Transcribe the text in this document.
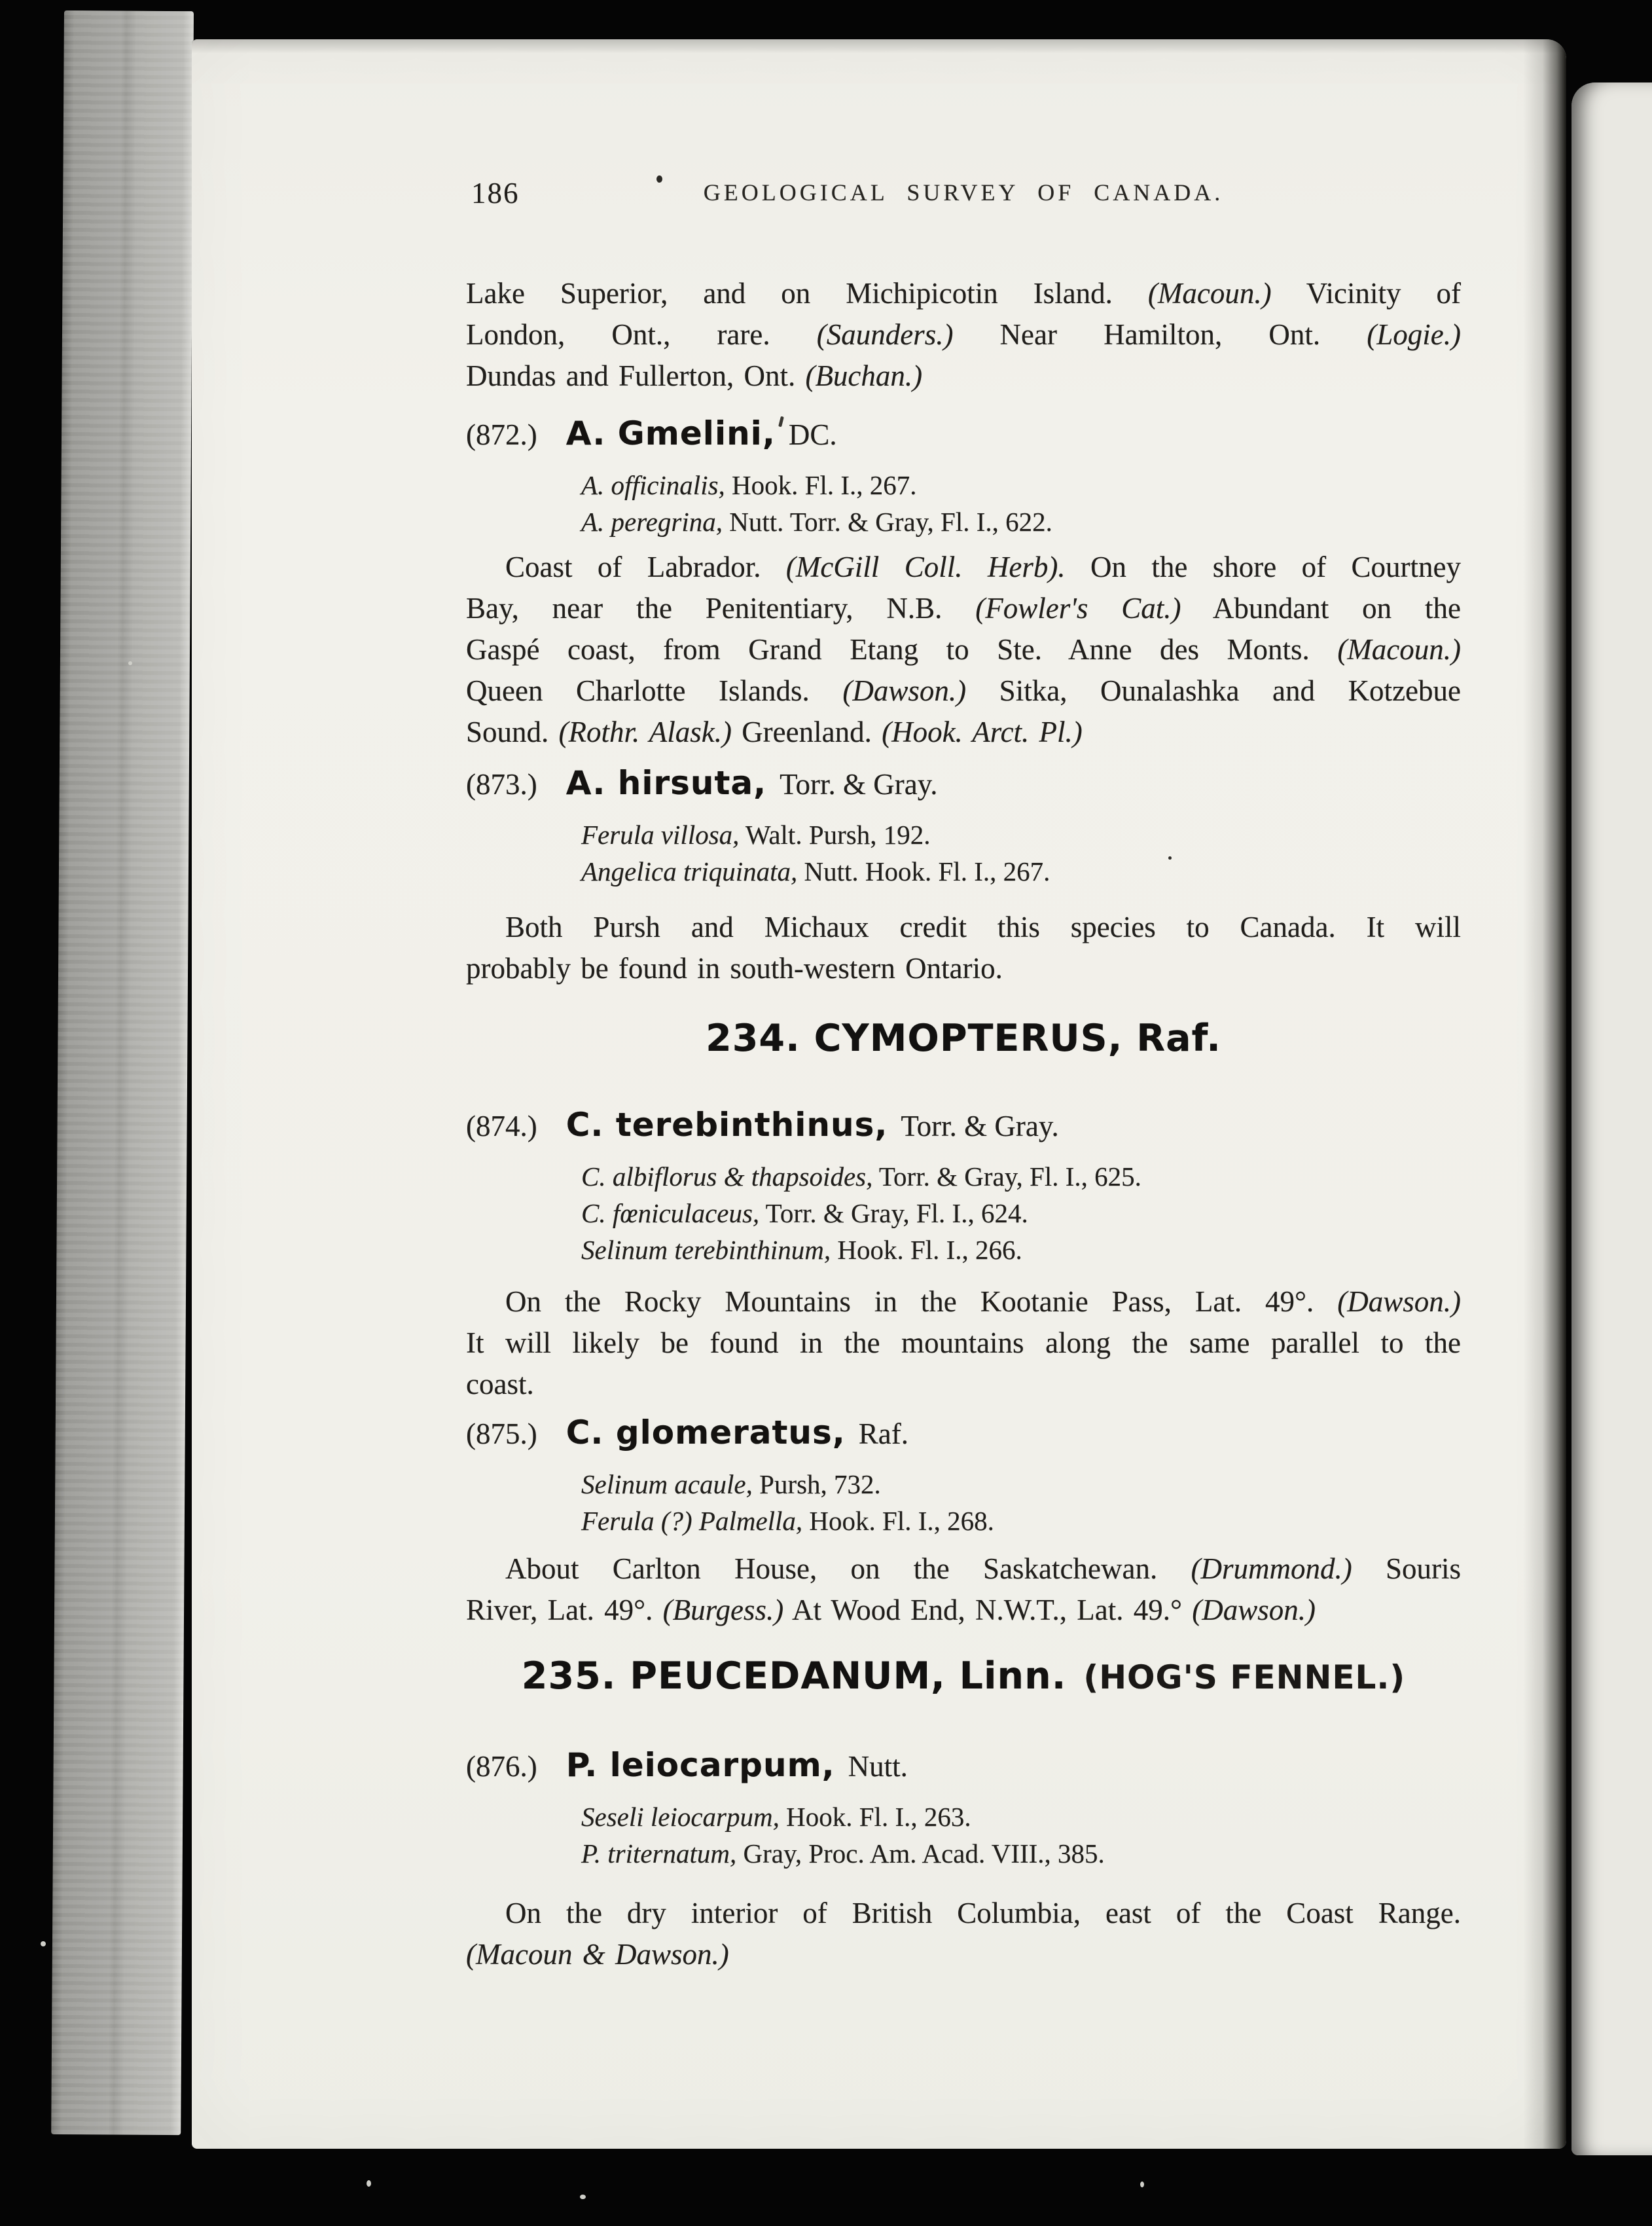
186	GEOLOGICAL SURVEY OF CANADA.
Lake Superior, and on Michipicotin Island. (Macoun.) Vicinity of
London, Ont., rare. (Saunders.) Near Hamilton, Ont. (Logie.)
Dundas and Fullerton, Ont. (Buchan.)
(872.) A. Gmelini, DC.
A. officinalis, Hook. Fl. I., 267.
A. peregrina, Nutt. Torr. & Gray, Fl. I., 622.
Coast of Labrador. (McGill Coll. Herb). On the shore of Courtney
Bay, near the Penitentiary, N.B. (Fowler's Cat.) Abundant on the
Gaspé coast, from Grand Etang to Ste. Anne des Monts. (Macoun.)
Queen Charlotte Islands. (Dawson.) Sitka, Ounalashka and Kotzebue
Sound. (Rothr. Alask.) Greenland. (Hook. Arct. Pl.)
(873.) A. hirsuta, Torr. & Gray.
Ferula villosa, Walt. Pursh, 192.
Angelica triquinata, Nutt. Hook. Fl. I., 267.
Both Pursh and Michaux credit this species to Canada. It will
probably be found in south-western Ontario.
234. CYMOPTERUS, Raf.
(874.) C. terebinthinus, Torr. & Gray.
C. albiflorus & thapsoides, Torr. & Gray, Fl. I., 625.
C. fœniculaceus, Torr. & Gray, Fl. I., 624.
Selinum terebinthinum, Hook. Fl. I., 266.
On the Rocky Mountains in the Kootanie Pass, Lat. 49°. (Dawson.)
It will likely be found in the mountains along the same parallel to the
coast.
(875.) C. glomeratus, Raf.
Selinum acaule, Pursh, 732.
Ferula (?) Palmella, Hook. Fl. I., 268.
About Carlton House, on the Saskatchewan. (Drummond.) Souris
River, Lat. 49°. (Burgess.) At Wood End, N.W.T., Lat. 49.° (Dawson.)
235. PEUCEDANUM, Linn. (HOG'S FENNEL.)
(876.) P. leiocarpum, Nutt.
Seseli leiocarpum, Hook. Fl. I., 263.
P. triternatum, Gray, Proc. Am. Acad. VIII., 385.
On the dry interior of British Columbia, east of the Coast Range.
(Macoun & Dawson.)
